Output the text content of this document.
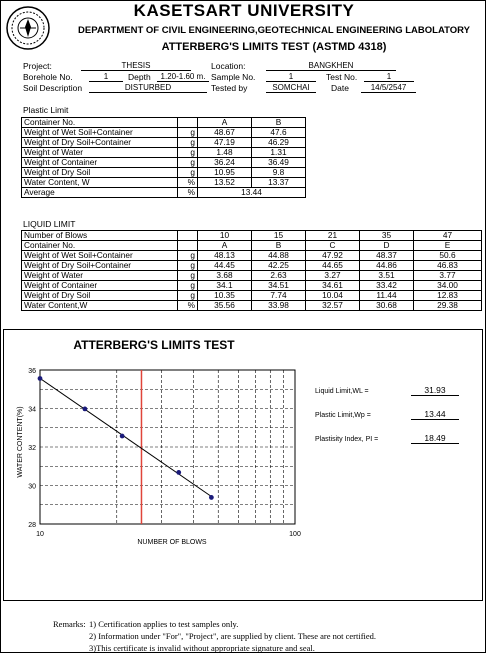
KASETSART UNIVERSITY
DEPARTMENT OF CIVIL ENGINEERING,GEOTECHNICAL ENGINEERING LABOLATORY
ATTERBERG'S LIMITS TEST (ASTMD 4318)
Project:	THESIS	Location:	BANGKHEN
Borehole No.	1	Depth	1.20-1.60 m. Sample No.	1	Test No.	1
Soil Description	DISTURBED	Tested by	SOMCHAI	Date	14/5/2547
Plastic Limit
Container No.		A	B
Weight of Wet Soil+Container	g	48.67	47.6
Weight of Dry Soil+Container	g	47.19	46.29
Weight of Water	g	1.48	1.31
Weight of Container	g	36.24	36.49
Weight of Dry Soil	g	10.95	9.8
Water Content, W	%	13.52	13.37
Average	%	13.44	
LIQUID LIMIT
Number of Blows		10	15	21	35	47
Container No.		A	B	C	D	E
Weight of Wet Soil+Container	g	48.13	44.88	47.92	48.37	50.6
Weight of Dry Soil+Container	g	44.45	42.25	44.65	44.86	46.83
Weight of Water	g	3.68	2.63	3.27	3.51	3.77
Weight of Container	g	34.1	34.51	34.61	33.42	34.00
Weight of Dry Soil	g	10.35	7.74	10.04	11.44	12.83
Water Content,W	%	35.56	33.98	32.57	30.68	29.38
ATTERBERG'S LIMITS TEST
WATER CONTENT(%)
NUMBER OF BLOWS
28
30
32
34
36
10	100
Liquid Limit,WL =	31.93
Plastic Limit,Wp =	13.44
Plastisity Index, PI =	18.49
Remarks: 1) Certification applies to test samples only.
2) Information under "For", "Project", are supplied by client. These are not certified.
3)This certificate is invalid without appropriate signature and seal.
